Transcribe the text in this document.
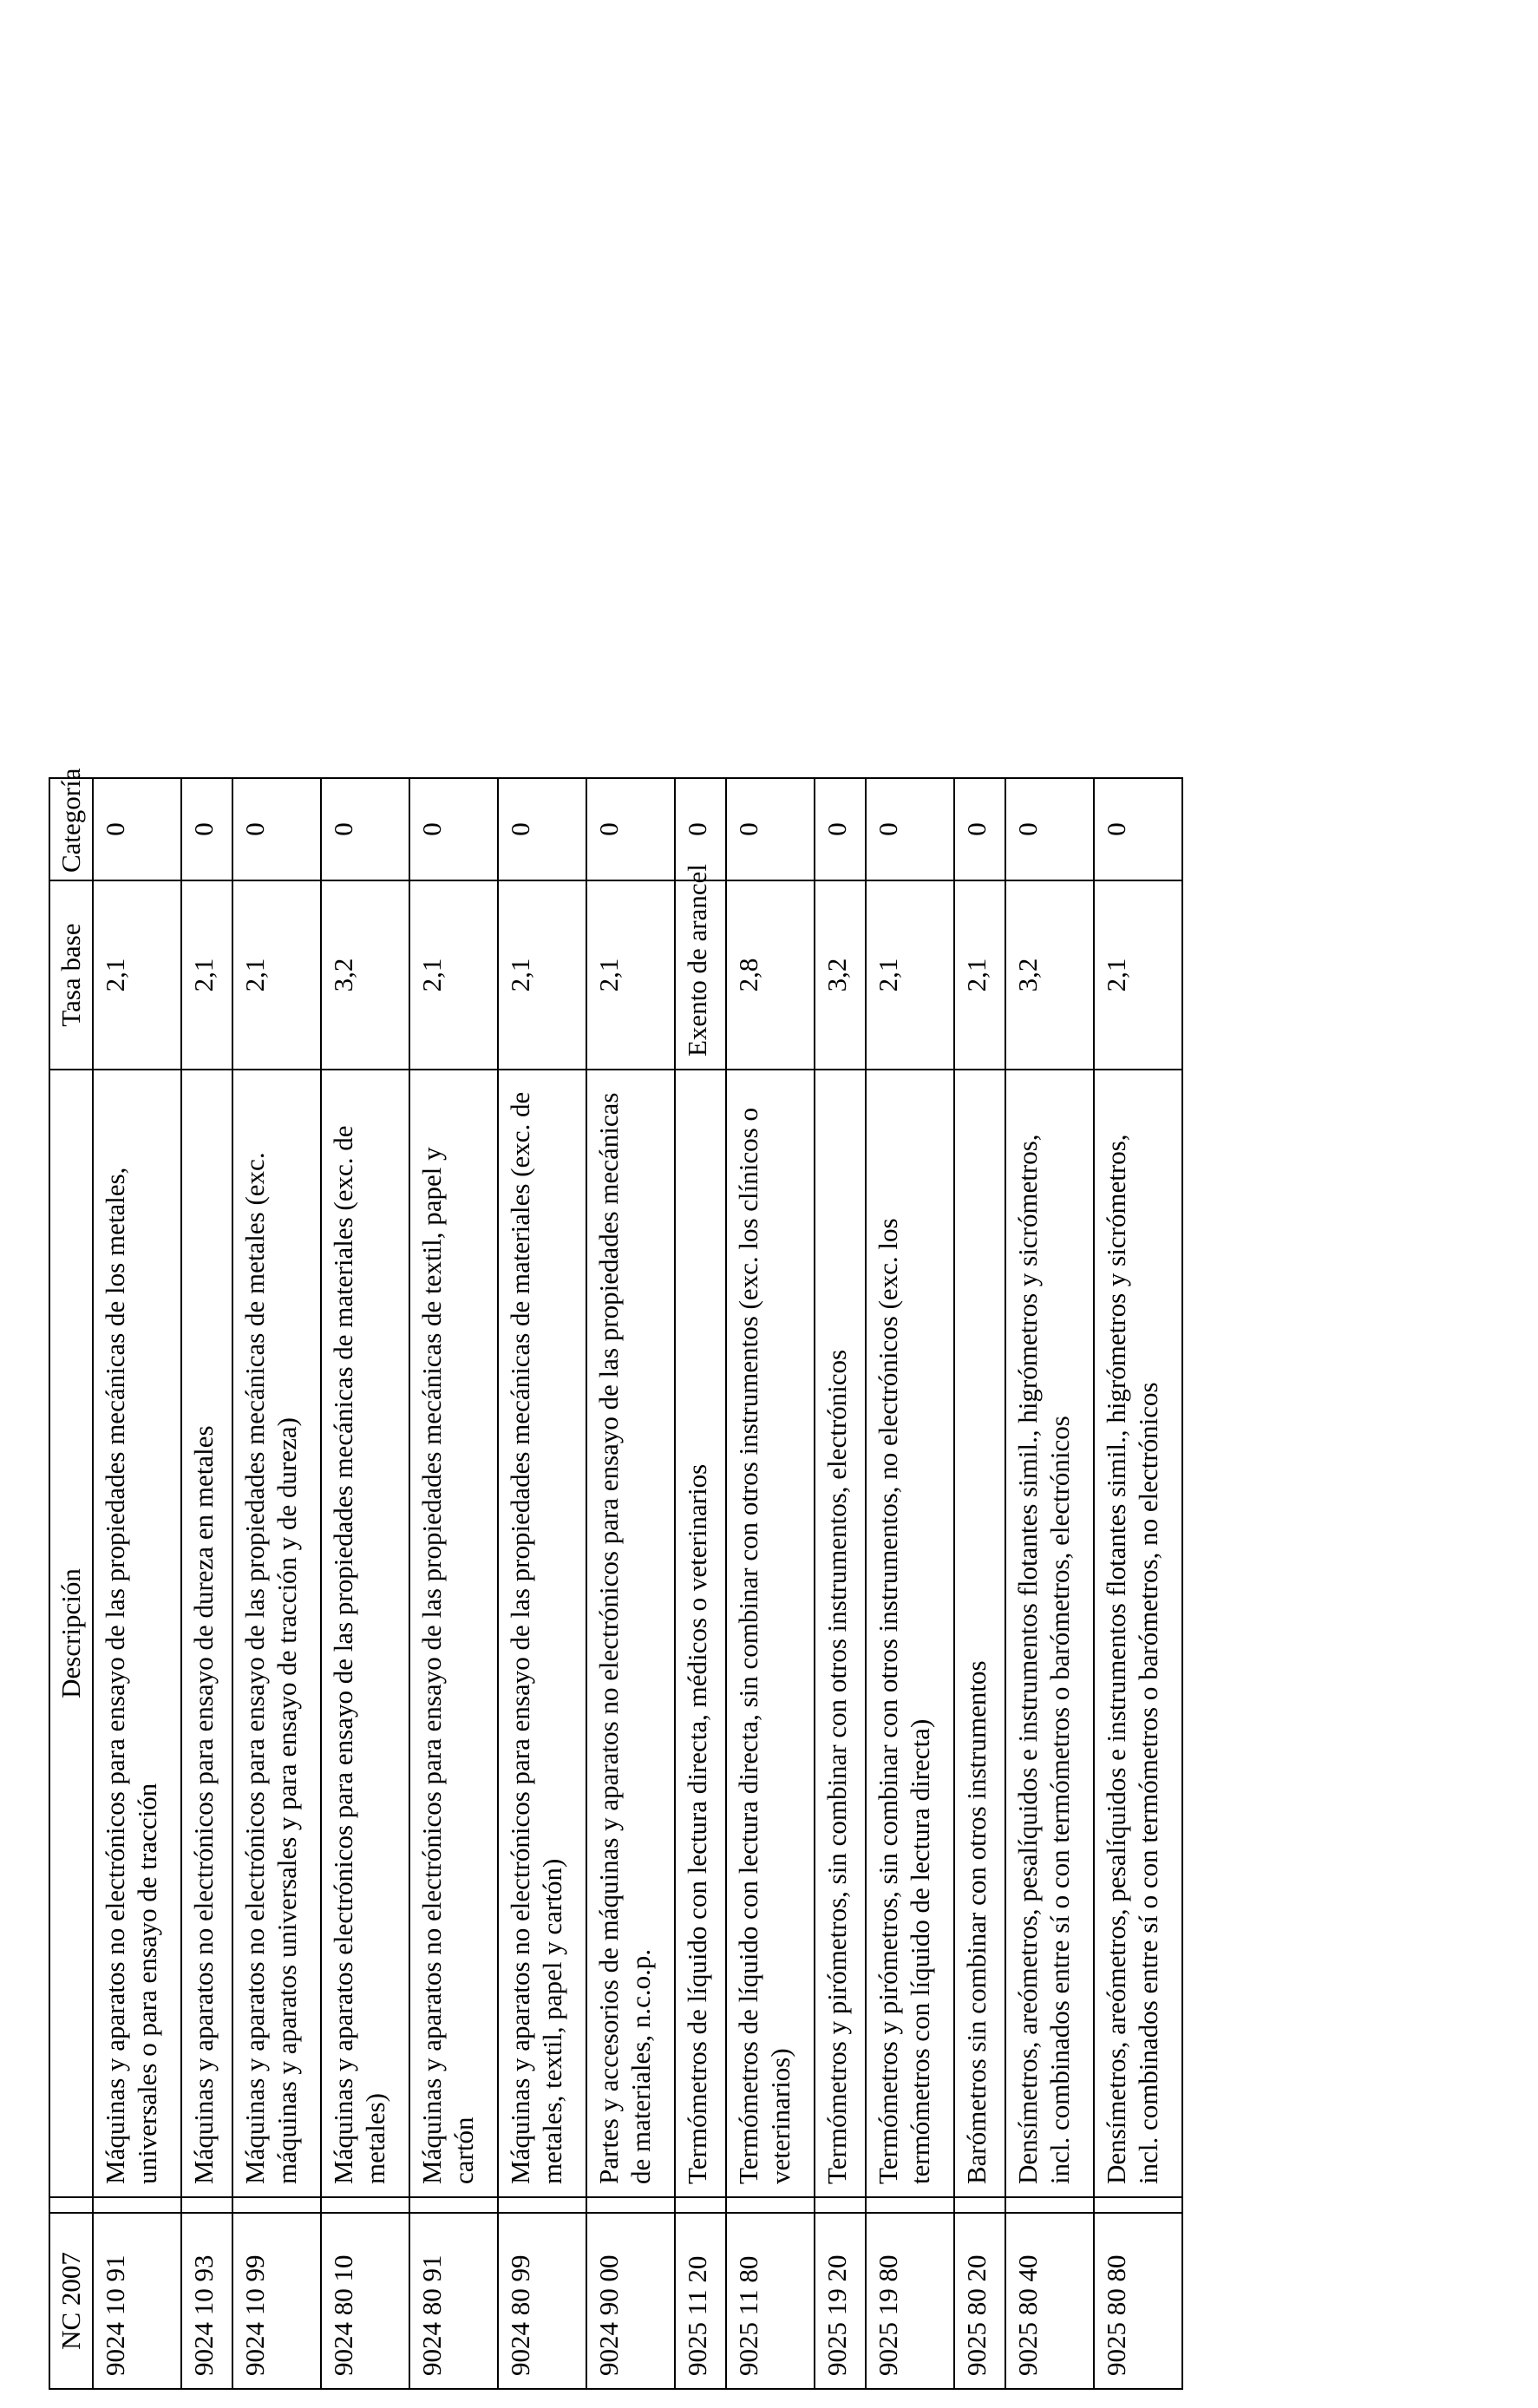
NC 2007		Descripción	Tasa base	Categoría	
9024 10 91		Máquinas y aparatos no electrónicos para ensayo de las propiedades mecánicas de los metales, universales o para ensayo de tracción	2,1	0	
9024 10 93		Máquinas y aparatos no electrónicos para ensayo de dureza en metales	2,1	0	
9024 10 99		Máquinas y aparatos no electrónicos para ensayo de las propiedades mecánicas de metales (exc. máquinas y aparatos universales y para ensayo de tracción y de dureza)	2,1	0	
9024 80 10		Máquinas y aparatos electrónicos para ensayo de las propiedades mecánicas de materiales (exc. de metales)	3,2	0	
9024 80 91		Máquinas y aparatos no electrónicos para ensayo de las propiedades mecánicas de textil, papel y cartón	2,1	0	
9024 80 99		Máquinas y aparatos no electrónicos para ensayo de las propiedades mecánicas de materiales (exc. de metales, textil, papel y cartón)	2,1	0	
9024 90 00		Partes y accesorios de máquinas y aparatos no electrónicos para ensayo de las propiedades mecánicas de materiales, n.c.o.p.	2,1	0	
9025 11 20		Termómetros de líquido con lectura directa, médicos o veterinarios	Exento de arancel	0	
9025 11 80		Termómetros de líquido con lectura directa, sin combinar con otros instrumentos (exc. los clínicos o veterinarios)	2,8	0	
9025 19 20		Termómetros y pirómetros, sin combinar con otros instrumentos, electrónicos	3,2	0	
9025 19 80		Termómetros y pirómetros, sin combinar con otros instrumentos, no electrónicos (exc. los termómetros con líquido de lectura directa)	2,1	0	
9025 80 20		Barómetros sin combinar con otros instrumentos	2,1	0	
9025 80 40		Densímetros, areómetros, pesalíquidos e instrumentos flotantes simil., higrómetros y sicrómetros, incl. combinados entre sí o con termómetros o barómetros, electrónicos	3,2	0	
9025 80 80		Densímetros, areómetros, pesalíquidos e instrumentos flotantes simil., higrómetros y sicrómetros, incl. combinados entre sí o con termómetros o barómetros, no electrónicos	2,1	0	
